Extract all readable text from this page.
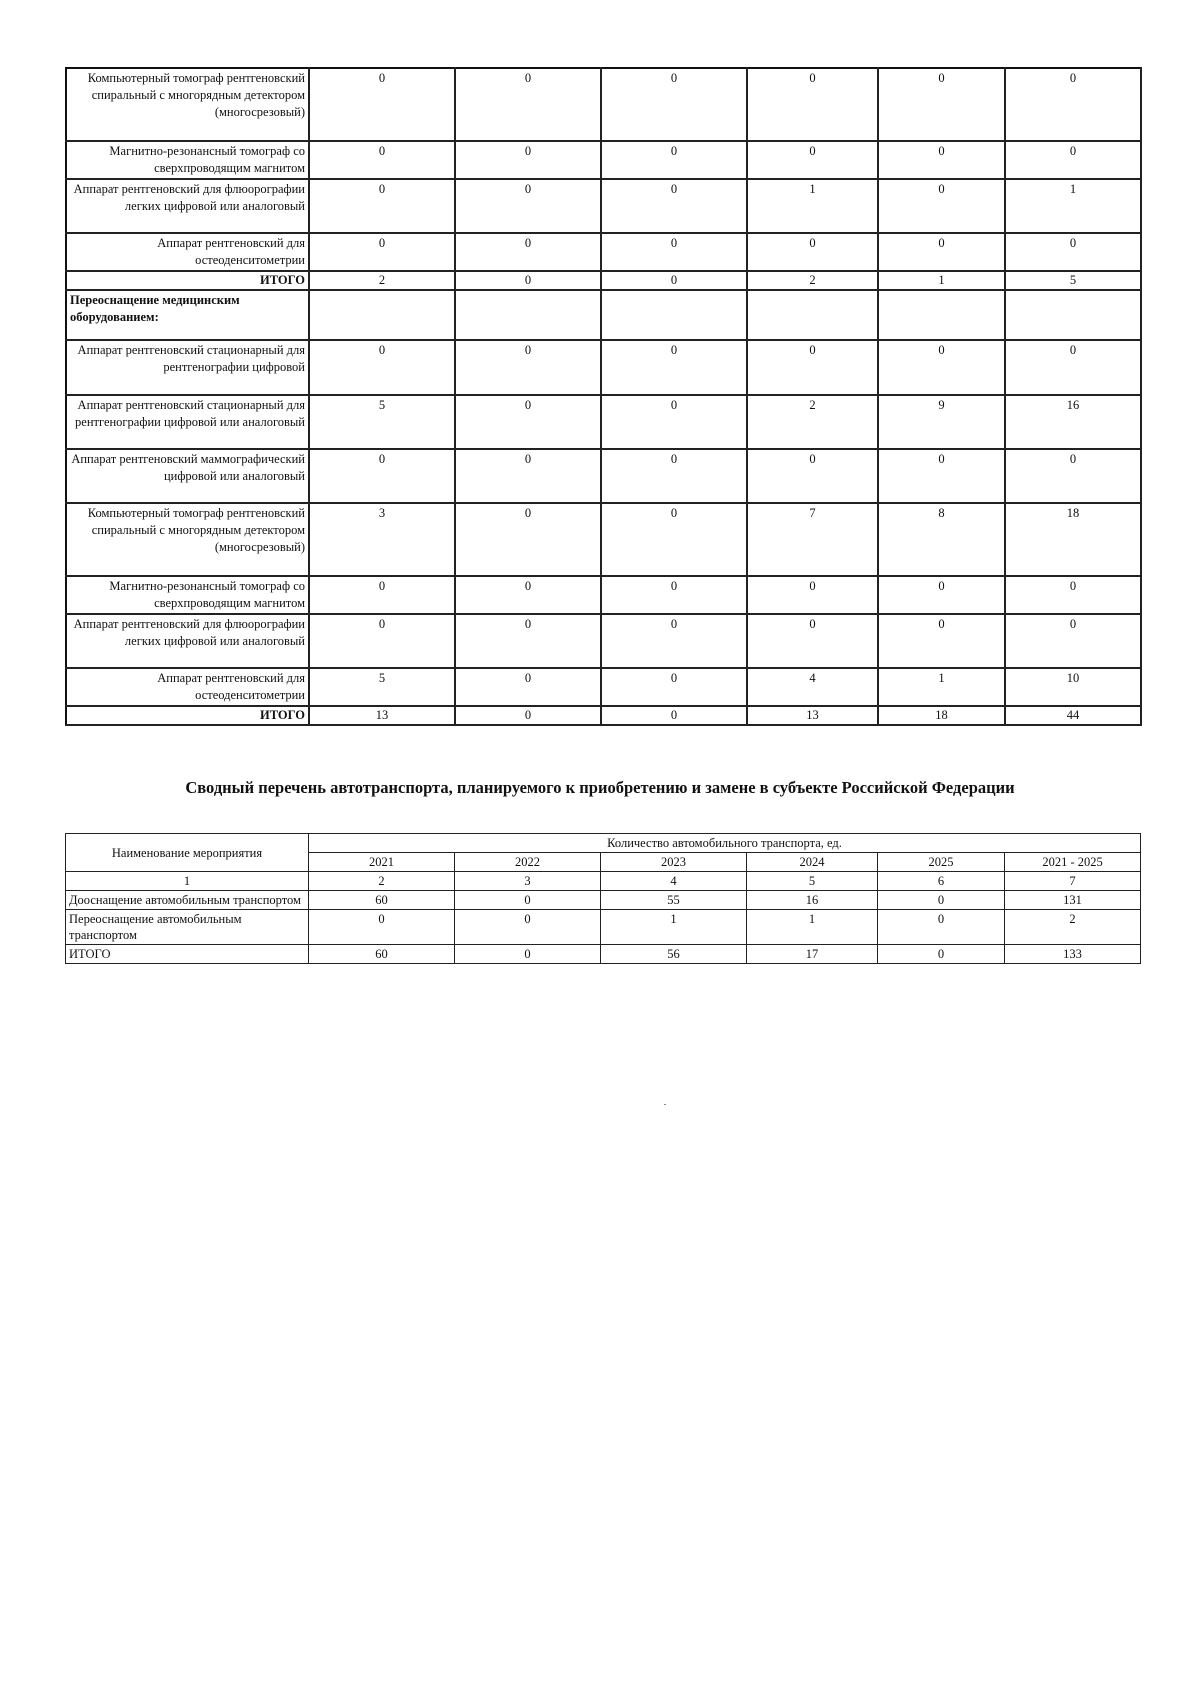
Компьютерный томограф рентгеновский спиральный с многорядным детектором (многосрезовый)	0	0	0	0	0	0
Магнитно-резонансный томограф со сверхпроводящим магнитом	0	0	0	0	0	0
Аппарат рентгеновский для флюорографии легких цифровой или аналоговый	0	0	0	1	0	1
Аппарат рентгеновский для остеоденситометрии	0	0	0	0	0	0
ИТОГО	2	0	0	2	1	5
Переоснащение медицинским оборудованием:						
Аппарат рентгеновский стационарный для рентгенографии цифровой	0	0	0	0	0	0
Аппарат рентгеновский стационарный для рентгенографии цифровой или аналоговый	5	0	0	2	9	16
Аппарат рентгеновский маммографический цифровой или аналоговый	0	0	0	0	0	0
Компьютерный томограф рентгеновский спиральный с многорядным детектором (многосрезовый)	3	0	0	7	8	18
Магнитно-резонансный томограф со сверхпроводящим магнитом	0	0	0	0	0	0
Аппарат рентгеновский для флюорографии легких цифровой или аналоговый	0	0	0	0	0	0
Аппарат рентгеновский для остеоденситометрии	5	0	0	4	1	10
ИТОГО	13	0	0	13	18	44
Сводный перечень автотранспорта, планируемого к приобретению и замене в субъекте Российской Федерации
Наименование мероприятия	Количество автомобильного транспорта, ед.					
	2021	2022	2023	2024	2025	2021 - 2025
1	2	3	4	5	6	7
Дооснащение автомобильным транспортом	60	0	55	16	0	131
Переоснащение автомобильным транспортом	0	0	1	1	0	2
ИТОГО	60	0	56	17	0	133
